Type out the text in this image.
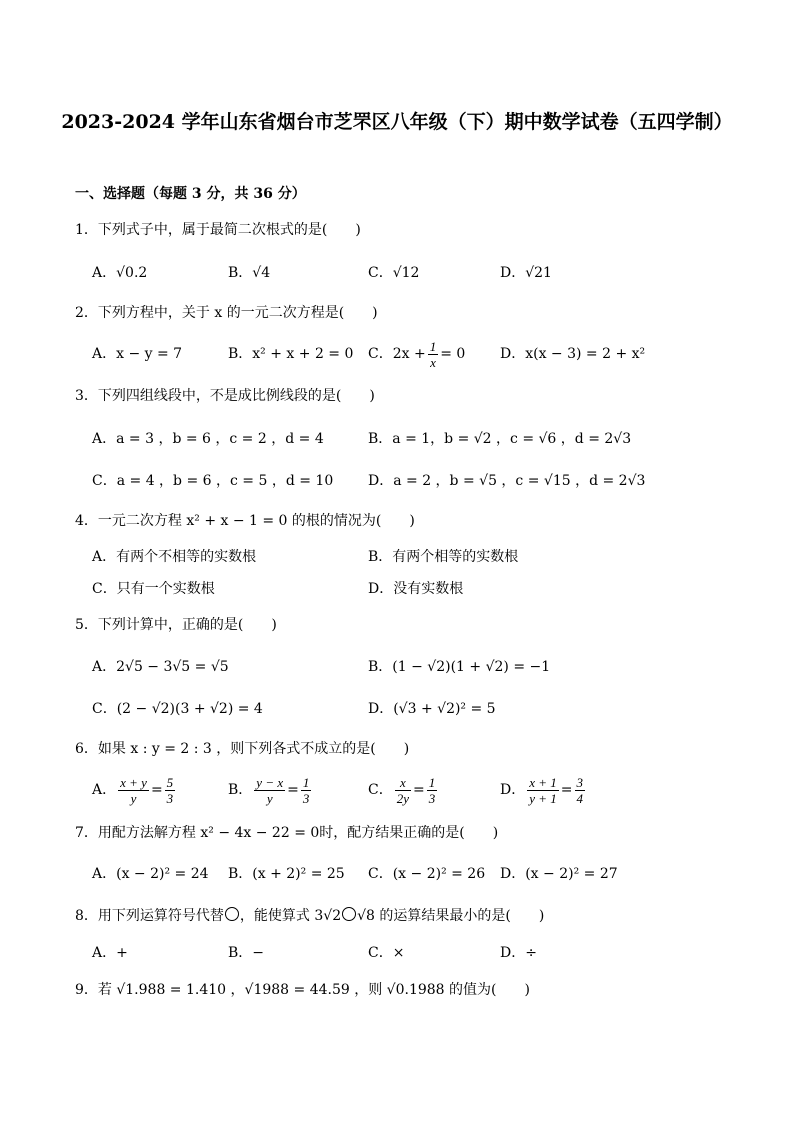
2023-2024 学年山东省烟台市芝罘区八年级（下）期中数学试卷（五四学制）
一、选择题（每题 3 分，共 36 分）
1．下列式子中，属于最简二次根式的是(　　)
A．√0.2	B．√4	C．√12	D．√21
2．下列方程中，关于 x 的一元二次方程是(　　)
A．x − y = 7	B．x² + x + 2 = 0 C．$2x + \frac{1}{x} = 0$ D．x(x − 3) = 2 + x²
3．下列四组线段中，不是成比例线段的是(　　)
A．a = 3 ，b = 6 ，c = 2 ，d = 4	B．a = 1，b = √2 ，c = √6 ，d = 2√3
C．a = 4 ，b = 6 ，c = 5 ，d = 10 D．a = 2 ，b = √5 ，c = √15 ，d = 2√3
4．一元二次方程 x² + x − 1 = 0 的根的情况为(　　)
A．有两个不相等的实数根	B．有两个相等的实数根
C．只有一个实数根	D．没有实数根
5．下列计算中，正确的是(　　)
A．2√5 − 3√5 = √5	B．(1 − √2)(1 + √2) = −1
C．(2 − √2)(3 + √2) = 4	D．(√3 + √2)² = 5
6．如果 x : y = 2 : 3 ，则下列各式不成立的是(　　)
A． $\frac{x + y}{y} = \frac{5}{3}$	B． $\frac{y - x}{y} = \frac{1}{3}$	C． $\frac{x}{2y} = \frac{1}{3}$	D． $\frac{x + 1}{y + 1} = \frac{3}{4}$
7．用配方法解方程 x² − 4x − 22 = 0时，配方结果正确的是(　　)
A．(x − 2)² = 24 B．(x + 2)² = 25 C．(x − 2)² = 26 D．(x − 2)² = 27
8．用下列运算符号代替 ，能使算式 3√2 √8 的运算结果最小的是(　　)
A．+	B．−	C．×	D．÷
9．若 √1.988 = 1.410 ，√1988 = 44.59 ，则 √0.1988 的值为(　　)
